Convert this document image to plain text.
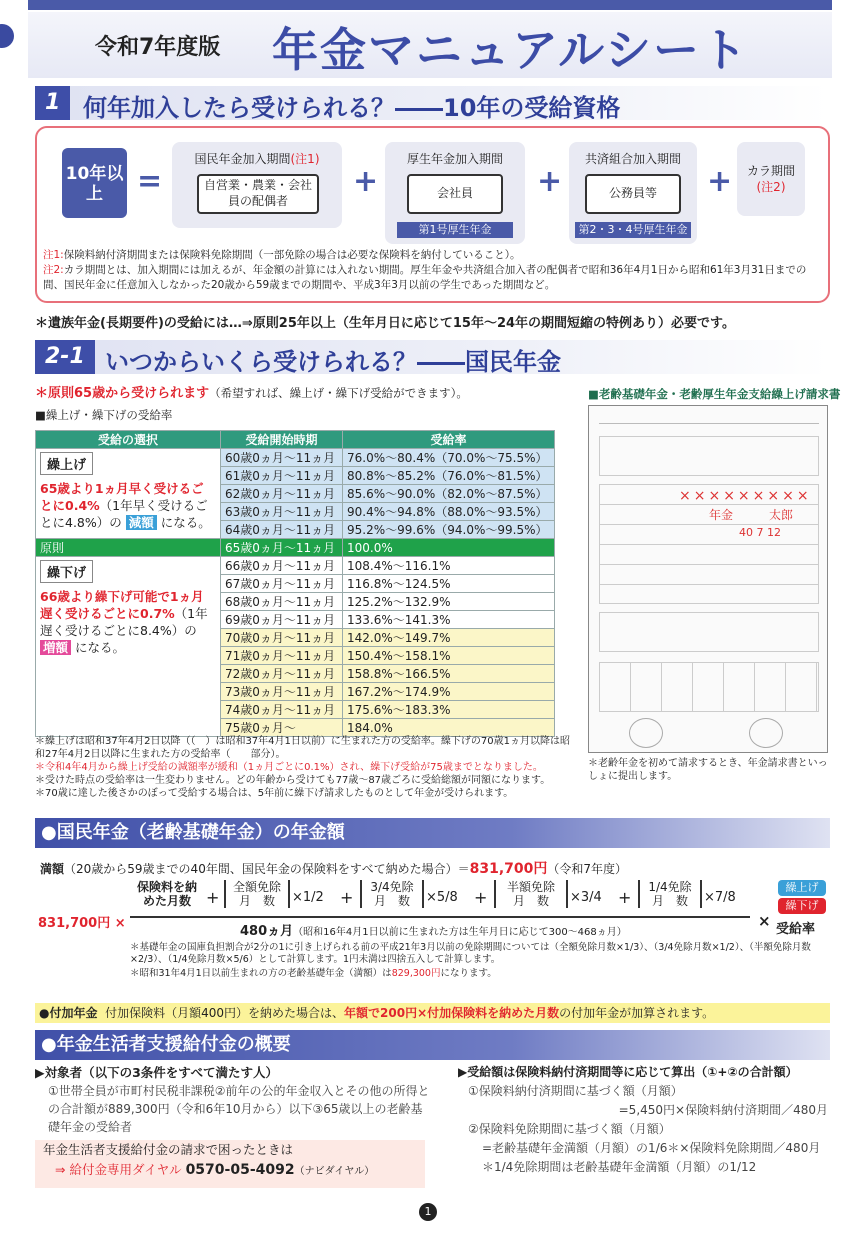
令和7年度版 年金マニュアルシート
1 何年加入したら受けられる？――10年の受給資格
10年以上	=
国民年金加入期間(注1)
自営業・農業・会社員の配偶者
+
厚生年金加入期間
会社員
第1号厚生年金
+
共済組合加入期間
公務員等
第2・3・4号厚生年金
+	カラ期間
(注2)
注1:保険料納付済期間または保険料免除期間（一部免除の場合は必要な保険料を納付していること）。
注2:カラ期間とは、加入期間には加えるが、年金額の計算には入れない期間。厚生年金や共済組合加入者の配偶者で昭和36年4月1日から昭和61年3月31日までの間、国民年金に任意加入しなかった20歳から59歳までの期間や、平成3年3月以前の学生であった期間など。
＊遺族年金(長期要件)の受給には…⇒原則25年以上（生年月日に応じて15年〜24年の期間短縮の特例あり）必要です。
2-1 いつからいくら受けられる？――国民年金
＊原則65歳から受けられます（希望すれば、繰上げ・繰下げ受給ができます）。
■繰上げ・繰下げの受給率
受給の選択	受給開始時期	受給率
繰上げ
65歳より1ヵ月早く受けるごとに0.4%（1年早く受けるごとに4.8%）の 減額 になる。	60歳0ヵ月〜11ヵ月	76.0%〜80.4%（70.0%〜75.5%）
	61歳0ヵ月〜11ヵ月	80.8%〜85.2%（76.0%〜81.5%）
	62歳0ヵ月〜11ヵ月	85.6%〜90.0%（82.0%〜87.5%）
	63歳0ヵ月〜11ヵ月	90.4%〜94.8%（88.0%〜93.5%）
	64歳0ヵ月〜11ヵ月	95.2%〜99.6%（94.0%〜99.5%）
原則	65歳0ヵ月〜11ヵ月	100.0%
繰下げ
66歳より繰下げ可能で1ヵ月遅く受けるごとに0.7%（1年遅く受けるごとに8.4%）の 増額 になる。	66歳0ヵ月〜11ヵ月	108.4%〜116.1%
	67歳0ヵ月〜11ヵ月	116.8%〜124.5%
	68歳0ヵ月〜11ヵ月	125.2%〜132.9%
	69歳0ヵ月〜11ヵ月	133.6%〜141.3%
	70歳0ヵ月〜11ヵ月	142.0%〜149.7%
	71歳0ヵ月〜11ヵ月	150.4%〜158.1%
	72歳0ヵ月〜11ヵ月	158.8%〜166.5%
	73歳0ヵ月〜11ヵ月	167.2%〜174.9%
	74歳0ヵ月〜11ヵ月	175.6%〜183.3%
	75歳0ヵ月〜	184.0%
＊繰上げは昭和37年4月2日以降（（　）は昭和37年4月1日以前）に生まれた方の受給率。繰下げの70歳1ヵ月以降は昭和27年4月2日以降に生まれた方の受給率（　　部分）。
＊令和4年4月から繰上げ受給の減額率が緩和（1ヵ月ごとに0.1%）され、繰下げ受給が75歳までとなりました。
＊受けた時点の受給率は一生変わりません。どの年齢から受けても77歳〜87歳ごろに受給総額が同額になります。
＊70歳に達した後さかのぼって受給する場合は、5年前に繰下げ請求したものとして年金が受けられます。
■老齢基礎年金・老齢厚生年金支給繰上げ請求書
×××××××××
年金	太郎
40 7 12
＊老齢年金を初めて請求するとき、年金請求書といっしょに提出します。
●国民年金（老齢基礎年金）の年金額
満額（20歳から59歳までの40年間、国民年金の保険料をすべて納めた場合）＝831,700円（令和7年度）
831,700円 ×
保険料を納めた月数 +
全額免除
月　数	×1/2 +
3/4免除
月　数	×5/8 +
半額免除
月　数	×3/4 +
1/4免除
月　数	×7/8
480ヵ月（昭和16年4月1日以前に生まれた方は生年月日に応じて300〜468ヵ月）
×
繰上げ
繰下げ
受給率
＊基礎年金の国庫負担割合が2分の1に引き上げられる前の平成21年3月以前の免除期間については（全額免除月数×1/3）、（3/4免除月数×1/2）、（半額免除月数×2/3）、（1/4免除月数×5/6）として計算します。1円未満は四捨五入して計算します。
＊昭和31年4月1日以前生まれの方の老齢基礎年金（満額）は829,300円になります。
●付加年金 付加保険料（月額400円）を納めた場合は、年額で200円×付加保険料を納めた月数の付加年金が加算されます。
●年金生活者支援給付金の概要
▶対象者（以下の3条件をすべて満たす人）
①世帯全員が市町村民税非課税②前年の公的年金収入とその他の所得との合計額が889,300円（令和6年10月から）以下③65歳以上の老齢基礎年金の受給者
年金生活者支援給付金の請求で困ったときは
⇒ 給付金専用ダイヤル 0570-05-4092（ナビダイヤル）
▶受給額は保険料納付済期間等に応じて算出（①+②の合計額）
①保険料納付済期間に基づく額（月額）
=5,450円×保険料納付済期間／480月
②保険料免除期間に基づく額（月額）
=老齢基礎年金満額（月額）の1/6＊×保険料免除期間／480月
＊1/4免除期間は老齢基礎年金満額（月額）の1/12
1
